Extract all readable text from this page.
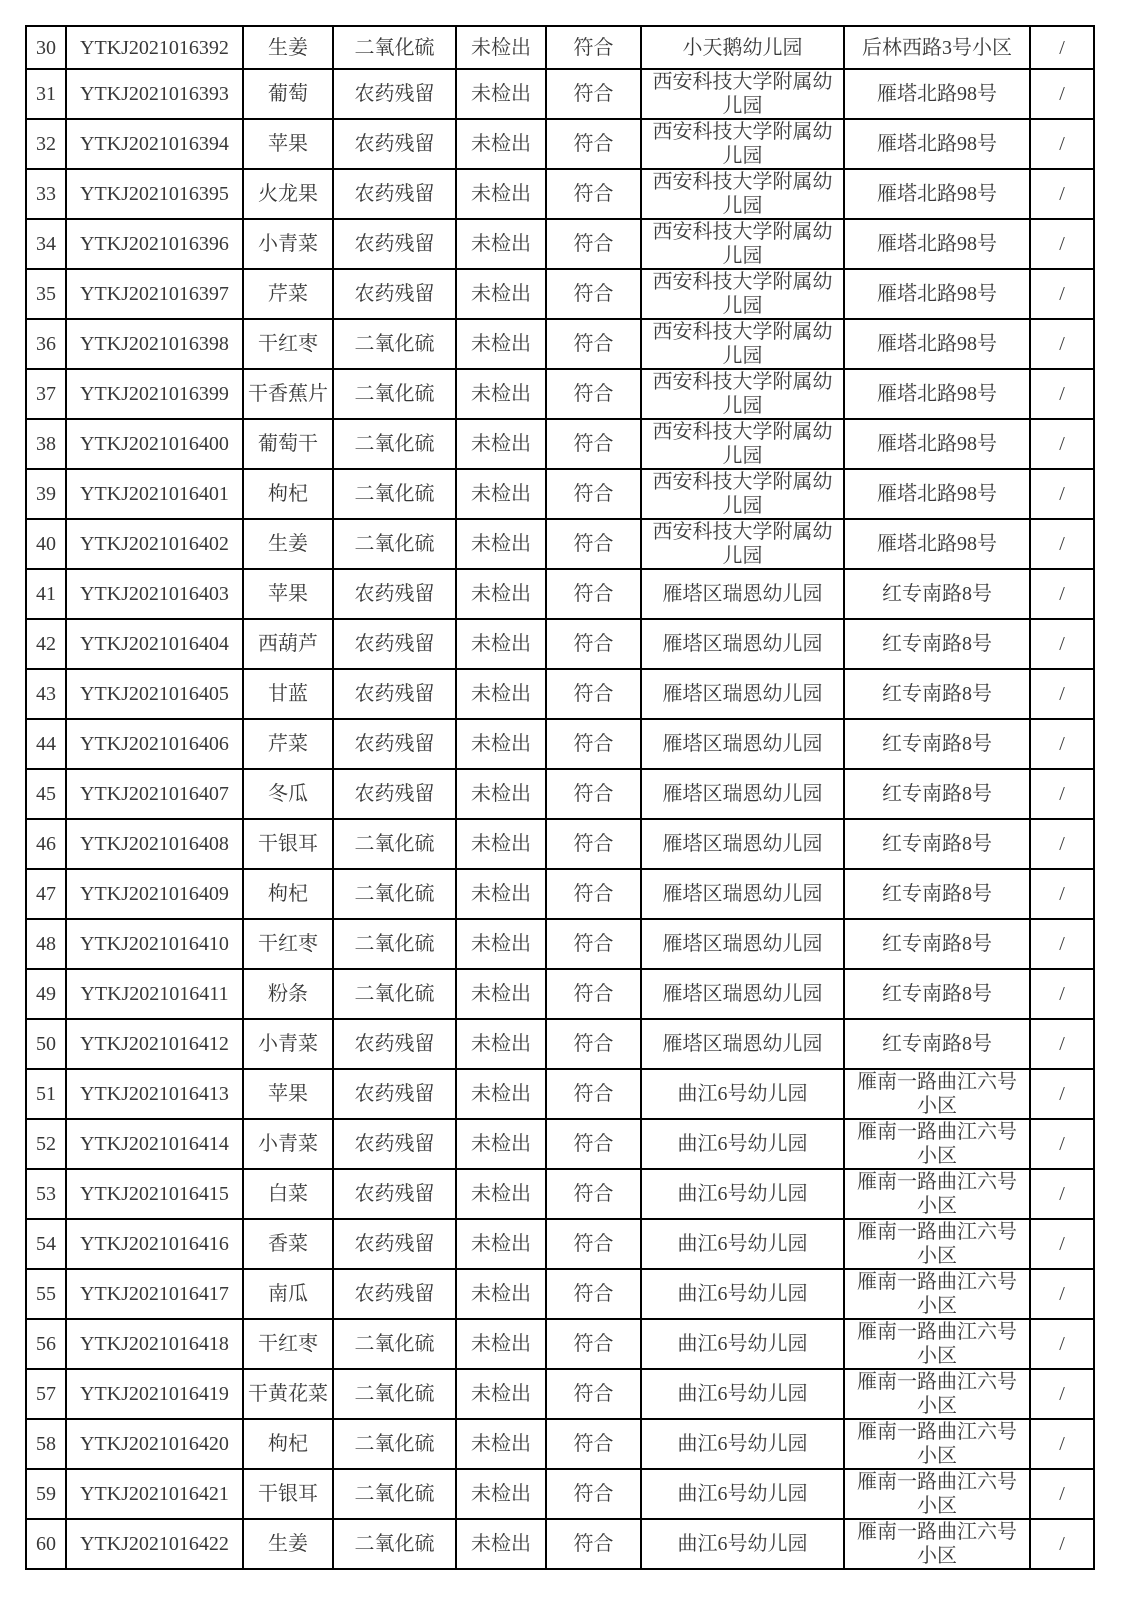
30	YTKJ2021016392	生姜	二氧化硫	未检出	符合	小天鹅幼儿园	后林西路3号小区	/
31	YTKJ2021016393	葡萄	农药残留	未检出	符合	西安科技大学附属幼儿园	雁塔北路98号	/
32	YTKJ2021016394	苹果	农药残留	未检出	符合	西安科技大学附属幼儿园	雁塔北路98号	/
33	YTKJ2021016395	火龙果	农药残留	未检出	符合	西安科技大学附属幼儿园	雁塔北路98号	/
34	YTKJ2021016396	小青菜	农药残留	未检出	符合	西安科技大学附属幼儿园	雁塔北路98号	/
35	YTKJ2021016397	芹菜	农药残留	未检出	符合	西安科技大学附属幼儿园	雁塔北路98号	/
36	YTKJ2021016398	干红枣	二氧化硫	未检出	符合	西安科技大学附属幼儿园	雁塔北路98号	/
37	YTKJ2021016399	干香蕉片	二氧化硫	未检出	符合	西安科技大学附属幼儿园	雁塔北路98号	/
38	YTKJ2021016400	葡萄干	二氧化硫	未检出	符合	西安科技大学附属幼儿园	雁塔北路98号	/
39	YTKJ2021016401	枸杞	二氧化硫	未检出	符合	西安科技大学附属幼儿园	雁塔北路98号	/
40	YTKJ2021016402	生姜	二氧化硫	未检出	符合	西安科技大学附属幼儿园	雁塔北路98号	/
41	YTKJ2021016403	苹果	农药残留	未检出	符合	雁塔区瑞恩幼儿园	红专南路8号	/
42	YTKJ2021016404	西葫芦	农药残留	未检出	符合	雁塔区瑞恩幼儿园	红专南路8号	/
43	YTKJ2021016405	甘蓝	农药残留	未检出	符合	雁塔区瑞恩幼儿园	红专南路8号	/
44	YTKJ2021016406	芹菜	农药残留	未检出	符合	雁塔区瑞恩幼儿园	红专南路8号	/
45	YTKJ2021016407	冬瓜	农药残留	未检出	符合	雁塔区瑞恩幼儿园	红专南路8号	/
46	YTKJ2021016408	干银耳	二氧化硫	未检出	符合	雁塔区瑞恩幼儿园	红专南路8号	/
47	YTKJ2021016409	枸杞	二氧化硫	未检出	符合	雁塔区瑞恩幼儿园	红专南路8号	/
48	YTKJ2021016410	干红枣	二氧化硫	未检出	符合	雁塔区瑞恩幼儿园	红专南路8号	/
49	YTKJ2021016411	粉条	二氧化硫	未检出	符合	雁塔区瑞恩幼儿园	红专南路8号	/
50	YTKJ2021016412	小青菜	农药残留	未检出	符合	雁塔区瑞恩幼儿园	红专南路8号	/
51	YTKJ2021016413	苹果	农药残留	未检出	符合	曲江6号幼儿园	雁南一路曲江六号小区	/
52	YTKJ2021016414	小青菜	农药残留	未检出	符合	曲江6号幼儿园	雁南一路曲江六号小区	/
53	YTKJ2021016415	白菜	农药残留	未检出	符合	曲江6号幼儿园	雁南一路曲江六号小区	/
54	YTKJ2021016416	香菜	农药残留	未检出	符合	曲江6号幼儿园	雁南一路曲江六号小区	/
55	YTKJ2021016417	南瓜	农药残留	未检出	符合	曲江6号幼儿园	雁南一路曲江六号小区	/
56	YTKJ2021016418	干红枣	二氧化硫	未检出	符合	曲江6号幼儿园	雁南一路曲江六号小区	/
57	YTKJ2021016419	干黄花菜	二氧化硫	未检出	符合	曲江6号幼儿园	雁南一路曲江六号小区	/
58	YTKJ2021016420	枸杞	二氧化硫	未检出	符合	曲江6号幼儿园	雁南一路曲江六号小区	/
59	YTKJ2021016421	干银耳	二氧化硫	未检出	符合	曲江6号幼儿园	雁南一路曲江六号小区	/
60	YTKJ2021016422	生姜	二氧化硫	未检出	符合	曲江6号幼儿园	雁南一路曲江六号小区	/
